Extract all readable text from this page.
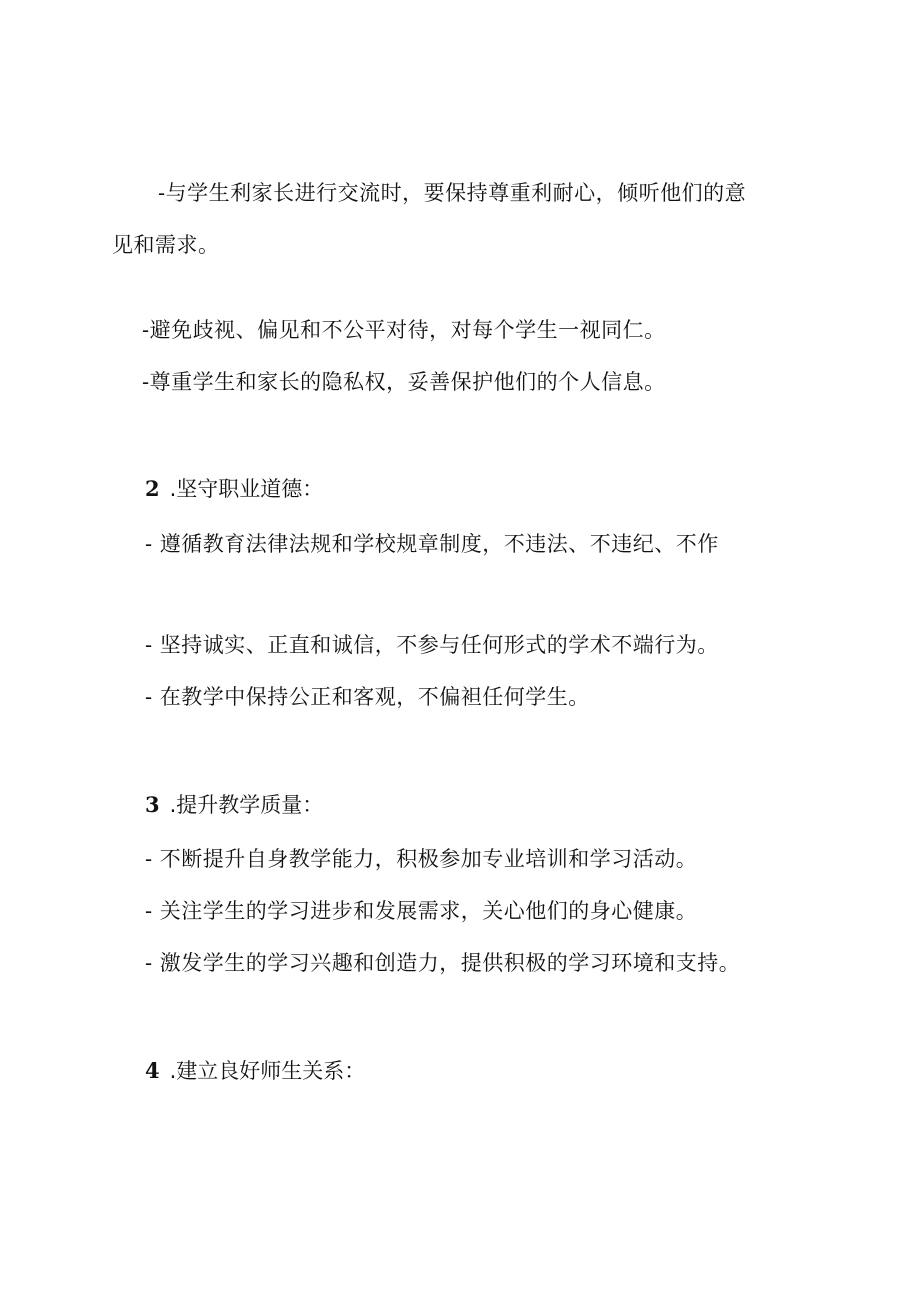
-与学生利家长进行交流时，要保持尊重利耐心，倾听他们的意
见和需求。
-避免歧视、偏见和不公平对待，对每个学生一视同仁。
-尊重学生和家长的隐私权，妥善保护他们的个人信息。
2 .坚守职业道德：
- 遵循教育法律法规和学校规章制度，不违法、不违纪、不作
- 坚持诚实、正直和诚信，不参与任何形式的学术不端行为。
- 在教学中保持公正和客观，不偏袒任何学生。
3 .提升教学质量：
- 不断提升自身教学能力，积极参加专业培训和学习活动。
- 关注学生的学习进步和发展需求，关心他们的身心健康。
- 激发学生的学习兴趣和创造力，提供积极的学习环境和支持。
4 .建立良好师生关系：
